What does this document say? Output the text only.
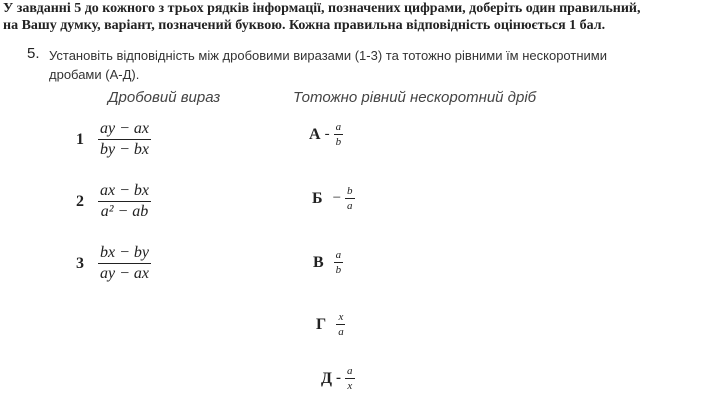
У завданні 5 до кожного з трьох рядків інформації, позначених цифрами, доберіть один правильний,
на Вашу думку, варіант, позначений буквою. Кожна правильна відповідність оцінюється 1 бал.
5. Установіть відповідність між дробовими виразами (1-3) та тотожно рівними їм нескоротними
дробами (А-Д).
Дробовий вираз	Тотожно рівний нескоротний дріб
$1 \frac{ay - ax}{by - bx}$
$2 \frac{ax - bx}{\text{a² − ab}}$
$3 \frac{bx - by}{ay - ax}$
А - $\frac{a}{b}$
$Б - \frac{b}{a}$
В $\frac{a}{b}$
Г $\frac{x}{a}$
Д - $\frac{a}{x}$
